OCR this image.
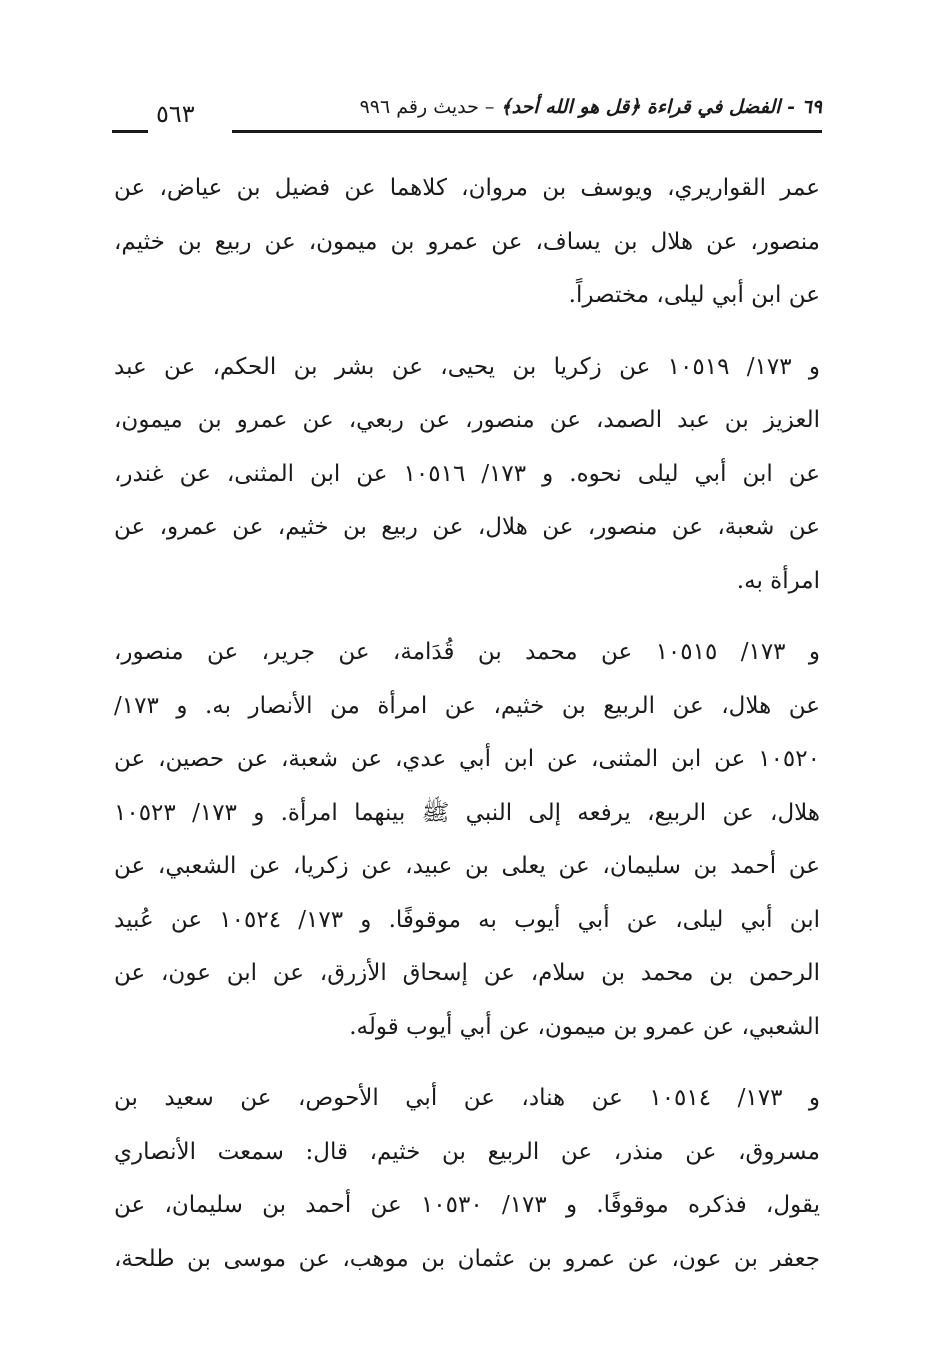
٦٩ - الفضل في قراءة ﴿قل هو الله أحد﴾ – حديث رقم ٩٩٦
٥٦٣
عمر القواريري، ويوسف بن مروان، كلاهما عن فضيل بن عياض، عن
منصور، عن هلال بن يساف، عن عمرو بن ميمون، عن ربيع بن خثيم،
عن ابن أبي ليلى، مختصراً.
و ١٧٣/ ١٠٥١٩ عن زكريا بن يحيى، عن بشر بن الحكم، عن عبد
العزيز بن عبد الصمد، عن منصور، عن ربعي، عن عمرو بن ميمون،
عن ابن أبي ليلى نحوه. و ١٧٣/ ١٠٥١٦ عن ابن المثنى، عن غندر،
عن شعبة، عن منصور، عن هلال، عن ربيع بن خثيم، عن عمرو، عن
امرأة به.
و ١٧٣/ ١٠٥١٥ عن محمد بن قُدَامة، عن جرير، عن منصور،
عن هلال، عن الربيع بن خثيم، عن امرأة من الأنصار به. و ١٧٣/
١٠٥٢٠ عن ابن المثنى، عن ابن أبي عدي، عن شعبة، عن حصين، عن
هلال، عن الربيع، يرفعه إلى النبي ﷺ بينهما امرأة. و ١٧٣/ ١٠٥٢٣
عن أحمد بن سليمان، عن يعلى بن عبيد، عن زكريا، عن الشعبي، عن
ابن أبي ليلى، عن أبي أيوب به موقوفًا. و ١٧٣/ ١٠٥٢٤ عن عُبيد
الرحمن بن محمد بن سلام، عن إسحاق الأزرق، عن ابن عون، عن
الشعبي، عن عمرو بن ميمون، عن أبي أيوب قولَه.
و ١٧٣/ ١٠٥١٤ عن هناد، عن أبي الأحوص، عن سعيد بن
مسروق، عن منذر، عن الربيع بن خثيم، قال: سمعت الأنصاري
يقول، فذكره موقوفًا. و ١٧٣/ ١٠٥٣٠ عن أحمد بن سليمان، عن
جعفر بن عون، عن عمرو بن عثمان بن موهب، عن موسى بن طلحة،
